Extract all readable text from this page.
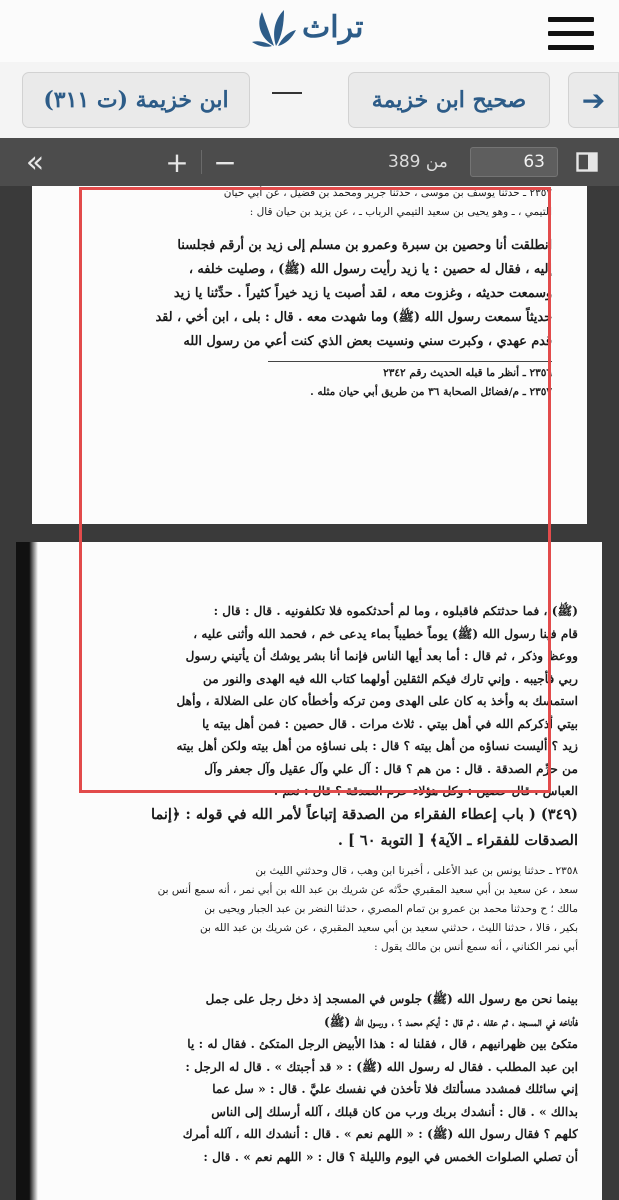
تراث
ابن خزيمة (ت ٣١١)	صحيح ابن خزيمة ➔
«	+ −	من 389	63

٢٣٥٧ ـ حدثنا يوسف بن موسى ، حدثنا جرير ومحمد بن فضيل ، عن أبي حيان

التيمي ، ـ وهو يحيى بن سعيد التيمي الرباب ـ ، عن يزيد بن حيان قال :

انطلقت أنا وحصين بن سبرة وعمرو بن مسلم إلى زيد بن أرقم فجلسنا

إليه ، فقال له حصين : يا زيد رأيت رسول الله (ﷺ) ، وصليت خلفه ،

وسمعت حديثه ، وغزوت معه ، لقد أصبت يا زيد خيراً كثيراً . حدِّثنا يا زيد

حديثاً سمعت رسول الله (ﷺ) وما شهدت معه . قال : بلى ، ابن أخي ، لقد

قدم عهدي ، وكبرت سني ونسيت بعض الذي كنت أعي من رسول الله

٢٣٥٦ ـ أنظر ما قبله الحديث رقم ٢٣٤٢

٢٣٥٧ ـ م/فضائل الصحابة ٣٦ من طريق أبي حيان مثله .

(ﷺ) ، فما حدثتكم فاقبلوه ، وما لم أحدثكموه فلا تكلفونيه . قال : قال :

قام فينا رسول الله (ﷺ) يوماً خطيباً بماء يدعى خم ، فحمد الله وأثنى عليه ،

ووعظ وذكر ، ثم قال : أما بعد أيها الناس فإنما أنا بشر يوشك أن يأتيني رسول

ربي فأجيبه . وإني تارك فيكم الثقلين أولهما كتاب الله فيه الهدى والنور من

استمسك به وأخذ به كان على الهدى ومن تركه وأخطأه كان على الضلالة ، وأهل

بيتي أذكركم الله في أهل بيتي . ثلاث مرات . قال حصين : فمن أهل بيته يا

زيد ؟ أليست نساؤه من أهل بيته ؟ قال : بلى نساؤه من أهل بيته ولكن أهل بيته

من حرِّم الصدقة . قال : من هم ؟ قال : آل علي وآل عقيل وآل جعفر وآل

العباس . قال حصين : وكل هؤلاء حرم الصدقة ؟ قال : نعم .

(٣٤٩) ( باب إعطاء الفقراء من الصدقة إتباعاً لأمر الله في قوله : ﴿إنما

الصدقات للفقراء ـ الآية﴾ [ التوبة ٦٠ ] .

٢٣٥٨ ـ حدثنا يونس بن عبد الأعلى ، أخبرنا ابن وهب ، قال وحدثني الليث بن

سعد ، عن سعيد بن أبي سعيد المقبري حدَّثه عن شريك بن عبد الله بن أبي نمر ، أنه سمع أنس بن

مالك ؛ ح وحدثنا محمد بن عمرو بن تمام المصري ، حدثنا النضر بن عبد الجبار ويحيى بن

بكير ، قالا ، حدثنا الليث ، حدثني سعيد بن أبي سعيد المقبري ، عن شريك بن عبد الله بن

أبي نمر الكناني ، أنه سمع أنس بن مالك يقول :

بينما نحن مع رسول الله (ﷺ) جلوس في المسجد إذ دخل رجل على جمل

فأناخه في المسجد ، ثم عقله ، ثم قال : أيكم محمد ؟ ، ورسول الله (ﷺ)

متكئ بين ظهرانيهم ، قال ، فقلنا له : هذا الأبيض الرجل المتكئ . فقال له : يا

ابن عبد المطلب . فقال له رسول الله (ﷺ) : « قد أجبتك » . قال له الرجل :

إني سائلك فمشدد مسألتك فلا تأخذن في نفسك عليَّ . قال : « سل عما

بدالك » . قال : أنشدك بربك ورب من كان قبلك ، آلله أرسلك إلى الناس

كلهم ؟ فقال رسول الله (ﷺ) : « اللهم نعم » . قال : أنشدك الله ، آلله أمرك

أن تصلي الصلوات الخمس في اليوم والليلة ؟ قال : « اللهم نعم » . قال :
